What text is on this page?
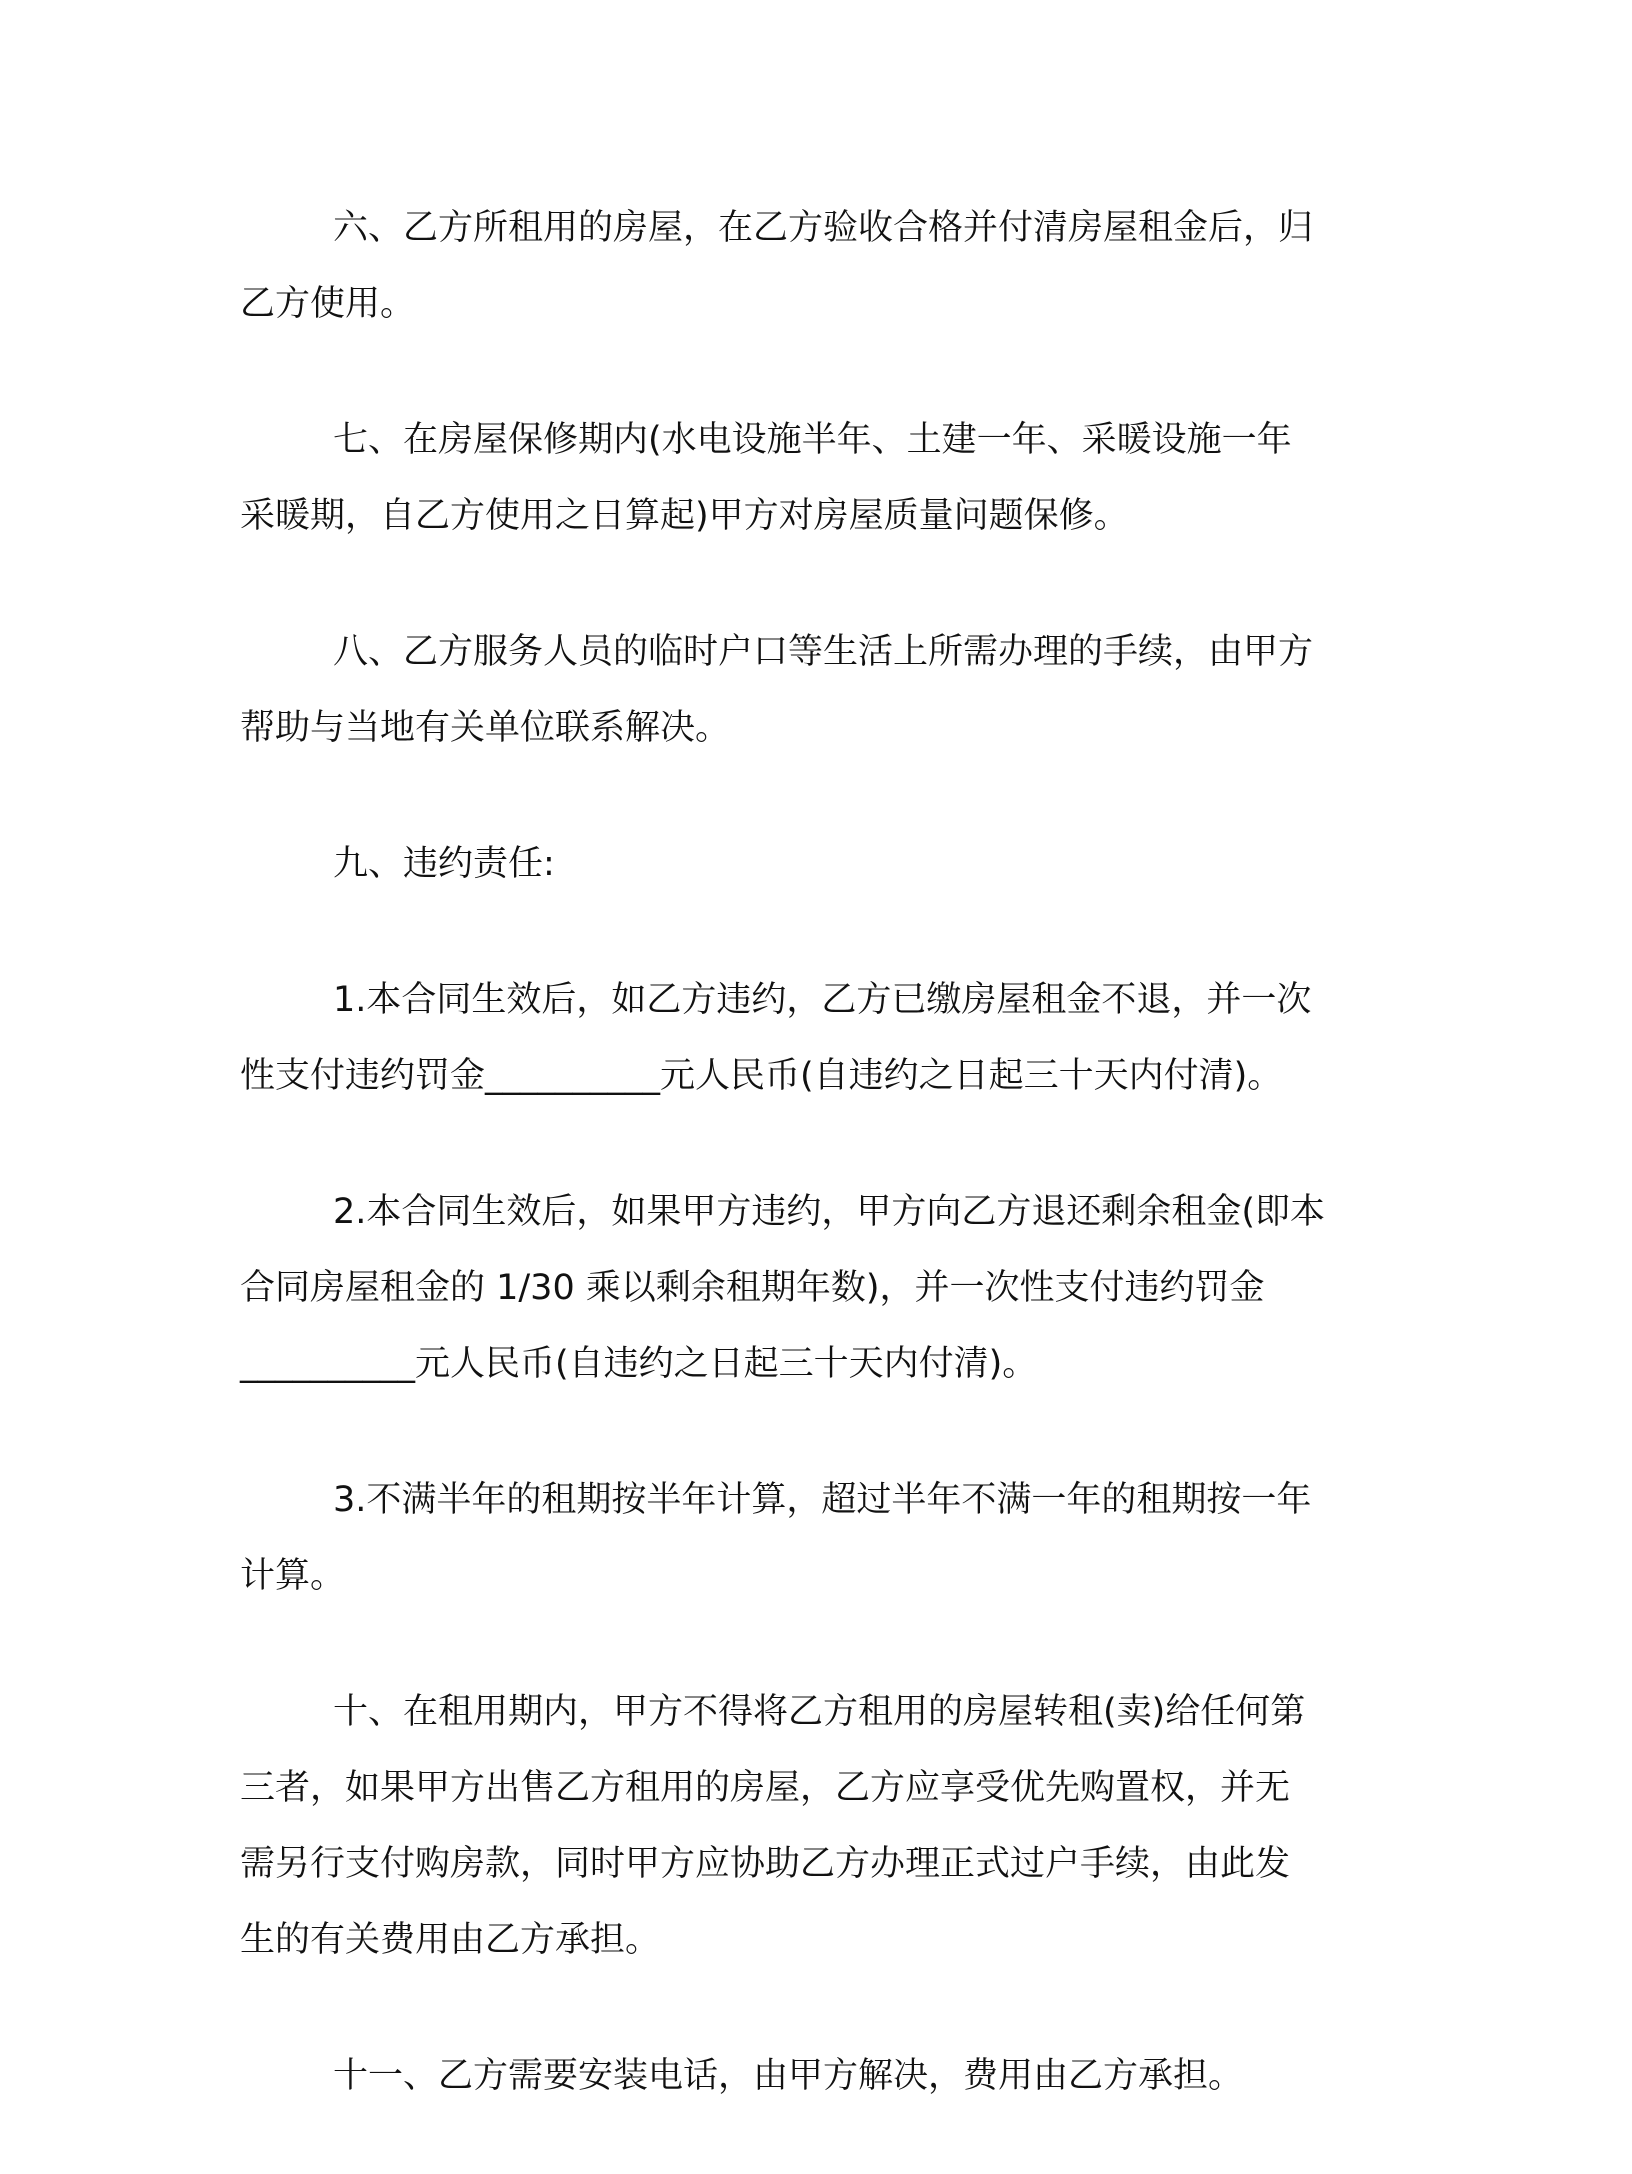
六、乙方所租用的房屋，在乙方验收合格并付清房屋租金后，归
乙方使用。

七、在房屋保修期内(水电设施半年、土建一年、采暖设施一年
采暖期，自乙方使用之日算起)甲方对房屋质量问题保修。

八、乙方服务人员的临时户口等生活上所需办理的手续，由甲方
帮助与当地有关单位联系解决。

九、违约责任:

1.本合同生效后，如乙方违约，乙方已缴房屋租金不退，并一次
性支付违约罚金__________元人民币(自违约之日起三十天内付清)。

2.本合同生效后，如果甲方违约，甲方向乙方退还剩余租金(即本
合同房屋租金的 1/30 乘以剩余租期年数)，并一次性支付违约罚金
__________元人民币(自违约之日起三十天内付清)。

3.不满半年的租期按半年计算，超过半年不满一年的租期按一年
计算。

十、在租用期内，甲方不得将乙方租用的房屋转租(卖)给任何第
三者，如果甲方出售乙方租用的房屋，乙方应享受优先购置权，并无
需另行支付购房款，同时甲方应协助乙方办理正式过户手续，由此发
生的有关费用由乙方承担。

十一、乙方需要安装电话，由甲方解决，费用由乙方承担。
